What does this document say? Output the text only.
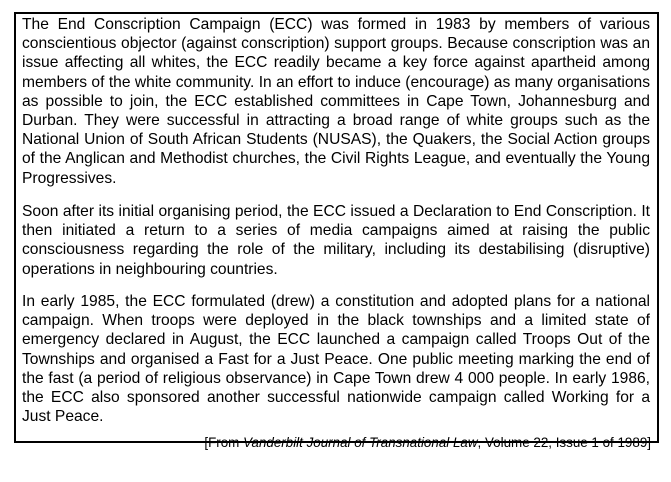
The End Conscription Campaign (ECC) was formed in 1983 by members of various conscientious objector (against conscription) support groups. Because conscription was an issue affecting all whites, the ECC readily became a key force against apartheid among members of the white community. In an effort to induce (encourage) as many organisations as possible to join, the ECC established committees in Cape Town, Johannesburg and Durban. They were successful in attracting a broad range of white groups such as the National Union of South African Students (NUSAS), the Quakers, the Social Action groups of the Anglican and Methodist churches, the Civil Rights League, and eventually the Young Progressives.

Soon after its initial organising period, the ECC issued a Declaration to End Conscription. It then initiated a return to a series of media campaigns aimed at raising the public consciousness regarding the role of the military, including its destabilising (disruptive) operations in neighbouring countries.

In early 1985, the ECC formulated (drew) a constitution and adopted plans for a national campaign. When troops were deployed in the black townships and a limited state of emergency declared in August, the ECC launched a campaign called Troops Out of the Townships and organised a Fast for a Just Peace. One public meeting marking the end of the fast (a period of religious observance) in Cape Town drew 4 000 people. In early 1986, the ECC also sponsored another successful nationwide campaign called Working for a Just Peace.

[From Vanderbilt Journal of Transnational Law, Volume 22, Issue 1 of 1989]
